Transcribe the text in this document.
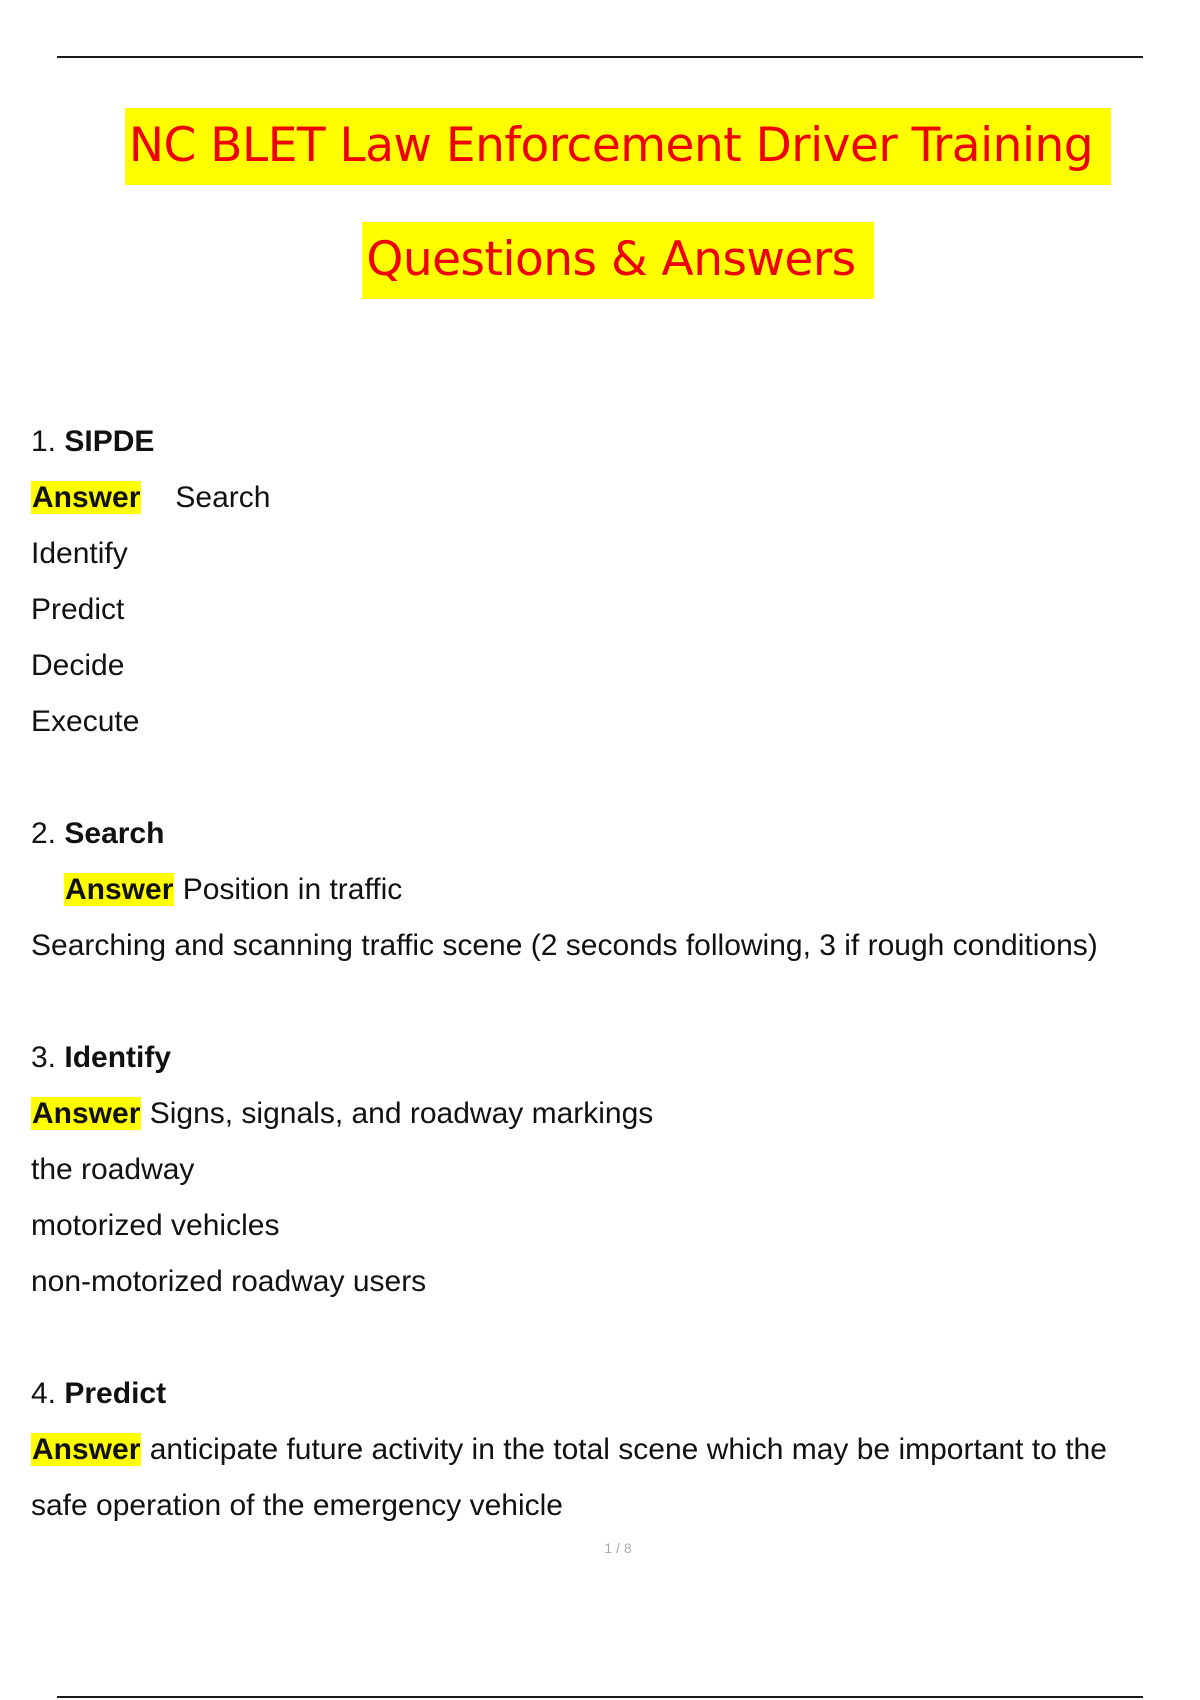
NC BLET Law Enforcement Driver Training
Questions & Answers
1. SIPDE
Answer Search
Identify
Predict
Decide
Execute
2. Search
Answer Position in traffic
Searching and scanning traffic scene (2 seconds following, 3 if rough conditions)
3. Identify
Answer Signs, signals, and roadway markings
the roadway
motorized vehicles
non-motorized roadway users
4. Predict
Answer anticipate future activity in the total scene which may be important to the
safe operation of the emergency vehicle
1 / 8
